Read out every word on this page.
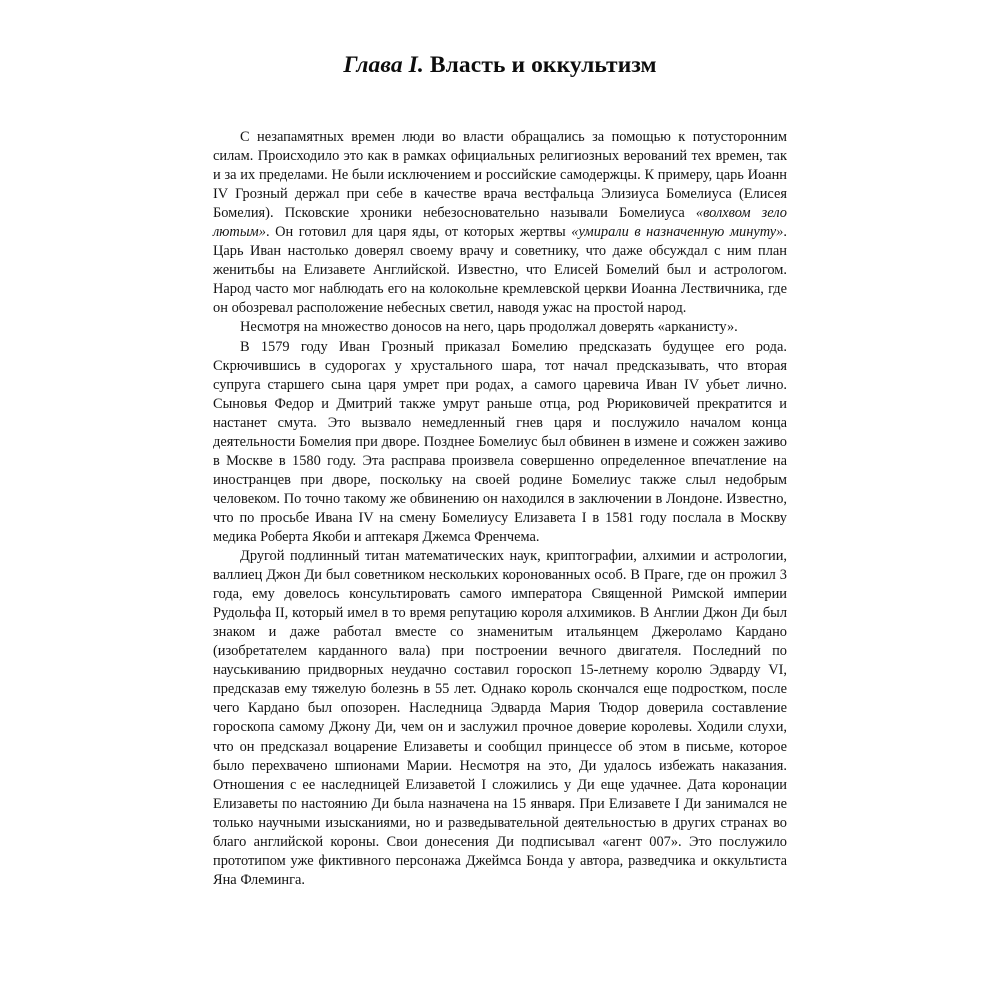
Глава I. Власть и оккультизм

С незапамятных времен люди во власти обращались за помощью к потусторонним силам. Происходило это как в рамках официальных религиозных верований тех времен, так и за их пределами. Не были исключением и российские самодержцы. К примеру, царь Иоанн IV Грозный держал при себе в качестве врача вестфальца Элизиуса Бомелиуса (Елисея Бомелия). Псковские хроники небезосновательно называли Бомелиуса «волхвом зело лютым». Он готовил для царя яды, от которых жертвы «умирали в назначенную минуту». Царь Иван настолько доверял своему врачу и советнику, что даже обсуждал с ним план женитьбы на Елизавете Английской. Известно, что Елисей Бомелий был и астрологом. Народ часто мог наблюдать его на колокольне кремлевской церкви Иоанна Лествичника, где он обозревал расположение небесных светил, наводя ужас на простой народ.

Несмотря на множество доносов на него, царь продолжал доверять «арканисту».

В 1579 году Иван Грозный приказал Бомелию предсказать будущее его рода. Скрючившись в судорогах у хрустального шара, тот начал предсказывать, что вторая супруга старшего сына царя умрет при родах, а самого царевича Иван IV убьет лично. Сыновья Федор и Дмитрий также умрут раньше отца, род Рюриковичей прекратится и настанет смута. Это вызвало немедленный гнев царя и послужило началом конца деятельности Бомелия при дворе. Позднее Бомелиус был обвинен в измене и сожжен заживо в Москве в 1580 году. Эта расправа произвела совершенно определенное впечатление на иностранцев при дворе, поскольку на своей родине Бомелиус также слыл недобрым человеком. По точно такому же обвинению он находился в заключении в Лондоне. Известно, что по просьбе Ивана IV на смену Бомелиусу Елизавета I в 1581 году послала в Москву медика Роберта Якоби и аптекаря Джемса Френчема.

Другой подлинный титан математических наук, криптографии, алхимии и астрологии, валлиец Джон Ди был советником нескольких коронованных особ. В Праге, где он прожил 3 года, ему довелось консультировать самого императора Священной Римской империи Рудольфа II, который имел в то время репутацию короля алхимиков. В Англии Джон Ди был знаком и даже работал вместе со знаменитым итальянцем Джероламо Кардано (изобретателем карданного вала) при построении вечного двигателя. Последний по науськиванию придворных неудачно составил гороскоп 15-летнему королю Эдварду VI, предсказав ему тяжелую болезнь в 55 лет. Однако король скончался еще подростком, после чего Кардано был опозорен. Наследница Эдварда Мария Тюдор доверила составление гороскопа самому Джону Ди, чем он и заслужил прочное доверие королевы. Ходили слухи, что он предсказал воцарение Елизаветы и сообщил принцессе об этом в письме, которое было перехвачено шпионами Марии. Несмотря на это, Ди удалось избежать наказания. Отношения с ее наследницей Елизаветой I сложились у Ди еще удачнее. Дата коронации Елизаветы по настоянию Ди была назначена на 15 января. При Елизавете I Ди занимался не только научными изысканиями, но и разведывательной деятельностью в других странах во благо английской короны. Свои донесения Ди подписывал «агент 007». Это послужило прототипом уже фиктивного персонажа Джеймса Бонда у автора, разведчика и оккультиста Яна Флеминга.
